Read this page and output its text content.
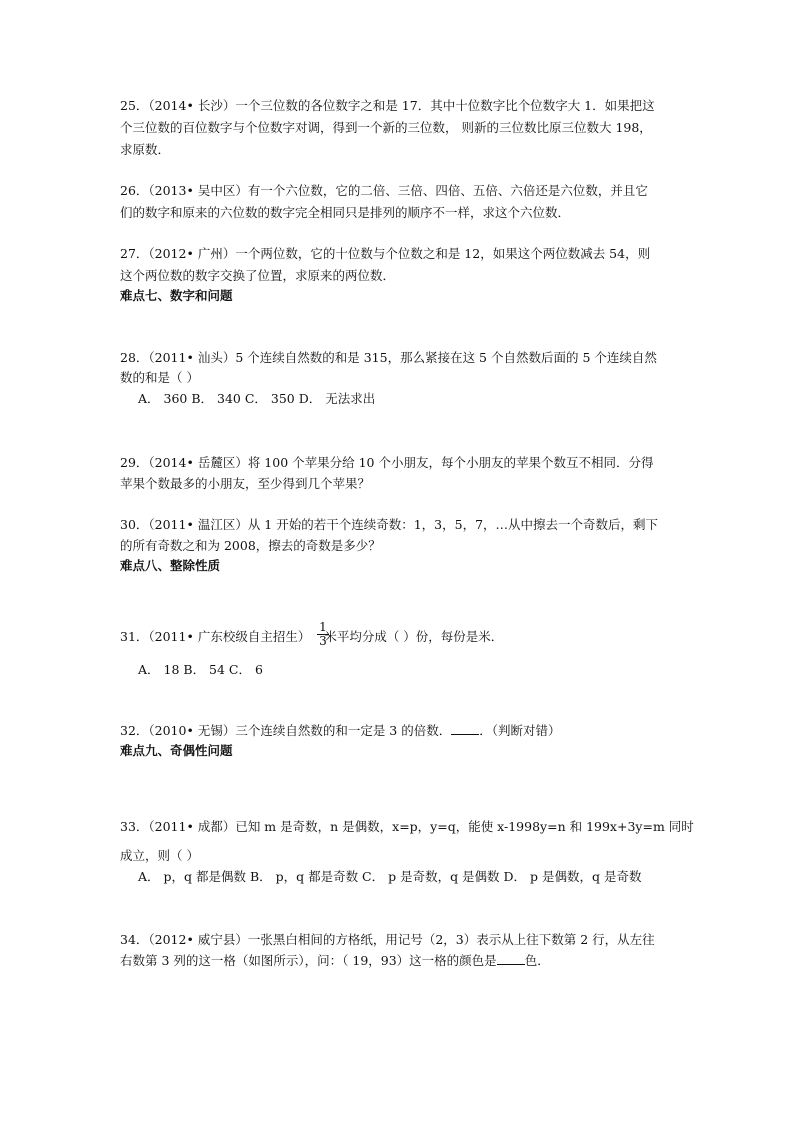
25．（2014• 长沙）一个三位数的各位数字之和是 17．其中十位数字比个位数字大 1．如果把这
个三位数的百位数字与个位数字对调，得到一个新的三位数， 则新的三位数比原三位数大 198，
求原数．
26．（2013• 吴中区）有一个六位数，它的二倍、三倍、四倍、五倍、六倍还是六位数，并且它
们的数字和原来的六位数的数字完全相同只是排列的顺序不一样，求这个六位数．
27．（2012• 广州）一个两位数，它的十位数与个位数之和是 12，如果这个两位数减去 54，则
这个两位数的数字交换了位置，求原来的两位数．
难点七、数字和问题
28．（2011• 汕头）5 个连续自然数的和是 315，那么紧接在这 5 个自然数后面的 5 个连续自然
数的和是（ ）
A． 360 B． 340 C． 350 D． 无法求出
29．（2014• 岳麓区）将 100 个苹果分给 10 个小朋友，每个小朋友的苹果个数互不相同．分得
苹果个数最多的小朋友，至少得到几个苹果？
30．（2011• 温江区）从 1 开始的若干个连续奇数：1，3，5，7，…从中擦去一个奇数后，剩下
的所有奇数之和为 2008，擦去的奇数是多少？
难点八、整除性质
31．（2011• 广东校级自主招生） 米平均分成（ ）份，每份是米．
$\frac{1}{3}$
A． 18 B． 54 C． 6
32．（2010• 无锡）三个连续自然数的和一定是 3 的倍数． ．（判断对错）
难点九、奇偶性问题
33．（2011• 成都）已知 m 是奇数，n 是偶数，x=p，y=q，能使 x-1998y=n 和 199x+3y=m 同时
成立，则（ ）
A． p，q 都是偶数 B． p，q 都是奇数 C． p 是奇数，q 是偶数 D． p 是偶数，q 是奇数
34．（2012• 威宁县）一张黑白相间的方格纸，用记号（2，3）表示从上往下数第 2 行，从左往
右数第 3 列的这一格（如图所示），问：（ 19，93）这一格的颜色是 色．
